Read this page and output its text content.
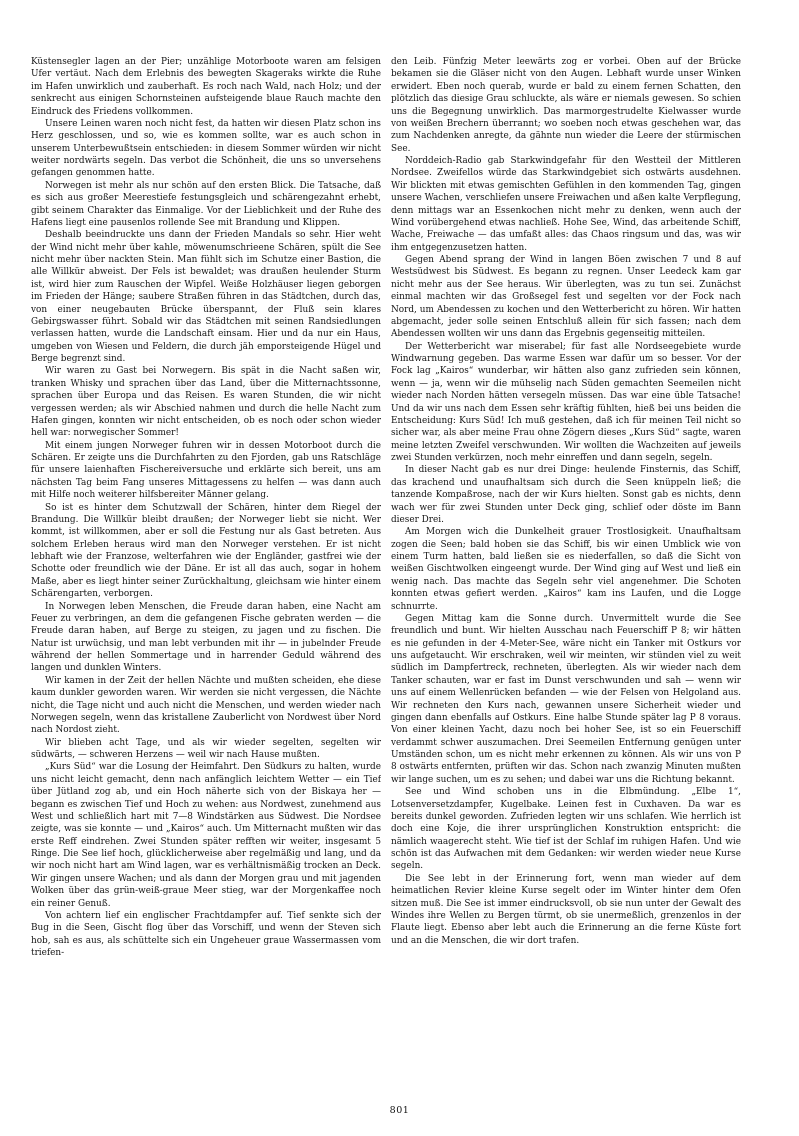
Küstensegler lagen an der Pier; unzählige Motorboote waren am felsigen Ufer vertäut. Nach dem Erlebnis des bewegten Skageraks wirkte die Ruhe im Hafen unwirklich und zauberhaft. Es roch nach Wald, nach Holz; und der senkrecht aus einigen Schornsteinen aufsteigende blaue Rauch machte den Eindruck des Friedens vollkommen.

Unsere Leinen waren noch nicht fest, da hatten wir diesen Platz schon ins Herz geschlossen, und so, wie es kommen sollte, war es auch schon in unserem Unterbewußtsein entschieden: in diesem Sommer würden wir nicht weiter nordwärts segeln. Das verbot die Schönheit, die uns so unversehens gefangen genommen hatte.

Norwegen ist mehr als nur schön auf den ersten Blick. Die Tatsache, daß es sich aus großer Meerestiefe festungsgleich und schärengezahnt erhebt, gibt seinem Charakter das Einmalige. Vor der Lieblichkeit und der Ruhe des Hafens liegt eine pausenlos rollende See mit Brandung und Klippen.

Deshalb beeindruckte uns dann der Frieden Mandals so sehr. Hier weht der Wind nicht mehr über kahle, möwenumschrieene Schären, spült die See nicht mehr über nackten Stein. Man fühlt sich im Schutze einer Bastion, die alle Willkür abweist. Der Fels ist bewaldet; was draußen heulender Sturm ist, wird hier zum Rauschen der Wipfel. Weiße Holzhäuser liegen geborgen im Frieden der Hänge; saubere Straßen führen in das Städtchen, durch das, von einer neugebauten Brücke überspannt, der Fluß sein klares Gebirgswasser führt. Sobald wir das Städtchen mit seinen Randsiedlungen verlassen hatten, wurde die Landschaft einsam. Hier und da nur ein Haus, umgeben von Wiesen und Feldern, die durch jäh emporsteigende Hügel und Berge begrenzt sind.

Wir waren zu Gast bei Norwegern. Bis spät in die Nacht saßen wir, tranken Whisky und sprachen über das Land, über die Mitternachtssonne, sprachen über Europa und das Reisen. Es waren Stunden, die wir nicht vergessen werden; als wir Abschied nahmen und durch die helle Nacht zum Hafen gingen, konnten wir nicht entscheiden, ob es noch oder schon wieder hell war: norwegischer Sommer!

Mit einem jungen Norweger fuhren wir in dessen Motorboot durch die Schären. Er zeigte uns die Durchfahrten zu den Fjorden, gab uns Ratschläge für unsere laienhaften Fischereiversuche und erklärte sich bereit, uns am nächsten Tag beim Fang unseres Mittagessens zu helfen — was dann auch mit Hilfe noch weiterer hilfsbereiter Männer gelang.

So ist es hinter dem Schutzwall der Schären, hinter dem Riegel der Brandung. Die Willkür bleibt draußen; der Norweger liebt sie nicht. Wer kommt, ist willkommen, aber er soll die Festung nur als Gast betreten. Aus solchem Erleben heraus wird man den Norweger verstehen. Er ist nicht lebhaft wie der Franzose, welterfahren wie der Engländer, gastfrei wie der Schotte oder freundlich wie der Däne. Er ist all das auch, sogar in hohem Maße, aber es liegt hinter seiner Zurückhaltung, gleichsam wie hinter einem Schärengarten, verborgen.

In Norwegen leben Menschen, die Freude daran haben, eine Nacht am Feuer zu verbringen, an dem die gefangenen Fische gebraten werden — die Freude daran haben, auf Berge zu steigen, zu jagen und zu fischen. Die Natur ist urwüchsig, und man lebt verbunden mit ihr — in jubelnder Freude während der hellen Sommertage und in harrender Geduld während des langen und dunklen Winters.

Wir kamen in der Zeit der hellen Nächte und mußten scheiden, ehe diese kaum dunkler geworden waren. Wir werden sie nicht vergessen, die Nächte nicht, die Tage nicht und auch nicht die Menschen, und werden wieder nach Norwegen segeln, wenn das kristallene Zauberlicht von Nordwest über Nord nach Nordost zieht.

Wir blieben acht Tage, und als wir wieder segelten, segelten wir südwärts, — schweren Herzens — weil wir nach Hause mußten.

„Kurs Süd“ war die Losung der Heimfahrt. Den Südkurs zu halten, wurde uns nicht leicht gemacht, denn nach anfänglich leichtem Wetter — ein Tief über Jütland zog ab, und ein Hoch näherte sich von der Biskaya her — begann es zwischen Tief und Hoch zu wehen: aus Nordwest, zunehmend aus West und schließlich hart mit 7—8 Windstärken aus Südwest. Die Nordsee zeigte, was sie konnte — und „Kairos“ auch. Um Mitternacht mußten wir das erste Reff eindrehen. Zwei Stunden später refften wir weiter, insgesamt 5 Ringe. Die See lief hoch, glücklicherweise aber regelmäßig und lang, und da wir noch nicht hart am Wind lagen, war es verhältnismäßig trocken an Deck. Wir gingen unsere Wachen; und als dann der Morgen grau und mit jagenden Wolken über das grün-weiß-graue Meer stieg, war der Morgenkaffee noch ein reiner Genuß.

Von achtern lief ein englischer Frachtdampfer auf. Tief senkte sich der Bug in die Seen, Gischt flog über das Vorschiff, und wenn der Steven sich hob, sah es aus, als schüttelte sich ein Ungeheuer graue Wassermassen vom triefen-

den Leib. Fünfzig Meter leewärts zog er vorbei. Oben auf der Brücke bekamen sie die Gläser nicht von den Augen. Lebhaft wurde unser Winken erwidert. Eben noch querab, wurde er bald zu einem fernen Schatten, den plötzlich das diesige Grau schluckte, als wäre er niemals gewesen. So schien uns die Begegnung unwirklich. Das marmorgestrudelte Kielwasser wurde von weißen Brechern überrannt; wo soeben noch etwas geschehen war, das zum Nachdenken anregte, da gähnte nun wieder die Leere der stürmischen See.

Norddeich-Radio gab Starkwindgefahr für den Westteil der Mittleren Nordsee. Zweifellos würde das Starkwindgebiet sich ostwärts ausdehnen. Wir blickten mit etwas gemischten Gefühlen in den kommenden Tag, gingen unsere Wachen, verschliefen unsere Freiwachen und aßen kalte Verpflegung, denn mittags war an Essenkochen nicht mehr zu denken, wenn auch der Wind vorübergehend etwas nachließ. Hohe See, Wind, das arbeitende Schiff, Wache, Freiwache — das umfaßt alles: das Chaos ringsum und das, was wir ihm entgegenzusetzen hatten.

Gegen Abend sprang der Wind in langen Böen zwischen 7 und 8 auf Westsüdwest bis Südwest. Es begann zu regnen. Unser Leedeck kam gar nicht mehr aus der See heraus. Wir überlegten, was zu tun sei. Zunächst einmal machten wir das Großsegel fest und segelten vor der Fock nach Nord, um Abendessen zu kochen und den Wetterbericht zu hören. Wir hatten abgemacht, jeder solle seinen Entschluß allein für sich fassen; nach dem Abendessen wollten wir uns dann das Ergebnis gegenseitig mitteilen.

Der Wetterbericht war miserabel; für fast alle Nordseegebiete wurde Windwarnung gegeben. Das warme Essen war dafür um so besser. Vor der Fock lag „Kairos“ wunderbar, wir hätten also ganz zufrieden sein können, wenn — ja, wenn wir die mühselig nach Süden gemachten Seemeilen nicht wieder nach Norden hätten versegeln müssen. Das war eine üble Tatsache! Und da wir uns nach dem Essen sehr kräftig fühlten, hieß bei uns beiden die Entscheidung: Kurs Süd! Ich muß gestehen, daß ich für meinen Teil nicht so sicher war, als aber meine Frau ohne Zögern dieses „Kurs Süd“ sagte, waren meine letzten Zweifel verschwunden. Wir wollten die Wachzeiten auf jeweils zwei Stunden verkürzen, noch mehr einreffen und dann segeln, segeln.

In dieser Nacht gab es nur drei Dinge: heulende Finsternis, das Schiff, das krachend und unaufhaltsam sich durch die Seen knüppeln ließ; die tanzende Kompaßrose, nach der wir Kurs hielten. Sonst gab es nichts, denn wach wer für zwei Stunden unter Deck ging, schlief oder döste im Bann dieser Drei.

Am Morgen wich die Dunkelheit grauer Trostlosigkeit. Unaufhaltsam zogen die Seen; bald hoben sie das Schiff, bis wir einen Umblick wie von einem Turm hatten, bald ließen sie es niederfallen, so daß die Sicht von weißen Gischtwolken eingeengt wurde. Der Wind ging auf West und ließ ein wenig nach. Das machte das Segeln sehr viel angenehmer. Die Schoten konnten etwas gefiert werden. „Kairos“ kam ins Laufen, und die Logge schnurrte.

Gegen Mittag kam die Sonne durch. Unvermittelt wurde die See freundlich und bunt. Wir hielten Ausschau nach Feuerschiff P 8; wir hätten es nie gefunden in der 4-Meter-See, wäre nicht ein Tanker mit Ostkurs vor uns aufgetaucht. Wir erschraken, weil wir meinten, wir stünden viel zu weit südlich im Dampfertreck, rechneten, überlegten. Als wir wieder nach dem Tanker schauten, war er fast im Dunst verschwunden und sah — wenn wir uns auf einem Wellenrücken befanden — wie der Felsen von Helgoland aus. Wir rechneten den Kurs nach, gewannen unsere Sicherheit wieder und gingen dann ebenfalls auf Ostkurs. Eine halbe Stunde später lag P 8 voraus. Von einer kleinen Yacht, dazu noch bei hoher See, ist so ein Feuerschiff verdammt schwer auszumachen. Drei Seemeilen Entfernung genügen unter Umständen schon, um es nicht mehr erkennen zu können. Als wir uns von P 8 ostwärts entfernten, prüften wir das. Schon nach zwanzig Minuten mußten wir lange suchen, um es zu sehen; und dabei war uns die Richtung bekannt.

See und Wind schoben uns in die Elbmündung. „Elbe 1“, Lotsenversetzdampfer, Kugelbake. Leinen fest in Cuxhaven. Da war es bereits dunkel geworden. Zufrieden legten wir uns schlafen. Wie herrlich ist doch eine Koje, die ihrer ursprünglichen Konstruktion entspricht: die nämlich waagerecht steht. Wie tief ist der Schlaf im ruhigen Hafen. Und wie schön ist das Aufwachen mit dem Gedanken: wir werden wieder neue Kurse segeln.

Die See lebt in der Erinnerung fort, wenn man wieder auf dem heimatlichen Revier kleine Kurse segelt oder im Winter hinter dem Ofen sitzen muß. Die See ist immer eindrucksvoll, ob sie nun unter der Gewalt des Windes ihre Wellen zu Bergen türmt, ob sie unermeßlich, grenzenlos in der Flaute liegt. Ebenso aber lebt auch die Erinnerung an die ferne Küste fort und an die Menschen, die wir dort trafen.

801
